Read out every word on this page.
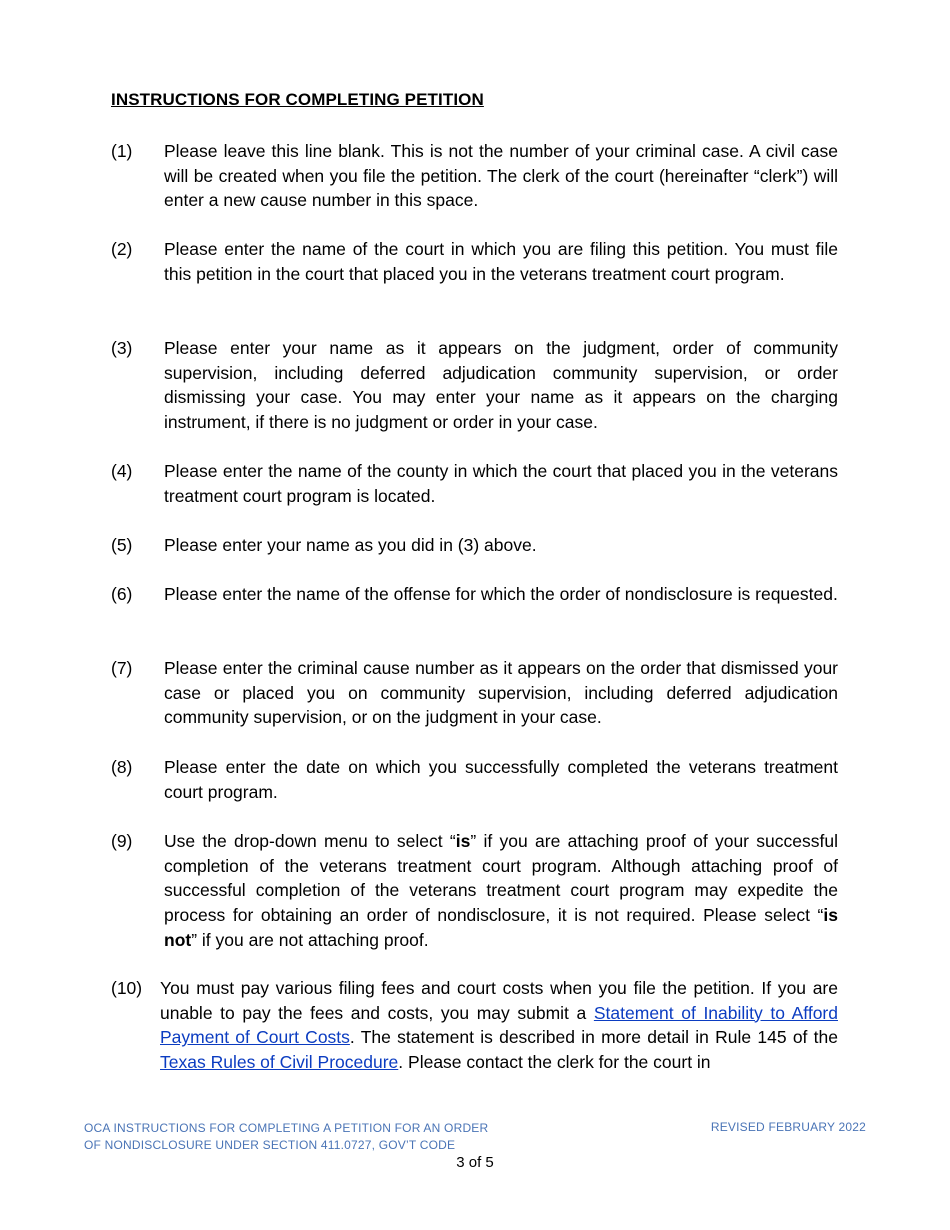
INSTRUCTIONS FOR COMPLETING PETITION
(1) Please leave this line blank. This is not the number of your criminal case. A civil case will be created when you file the petition. The clerk of the court (hereinafter “clerk”) will enter a new cause number in this space.
(2) Please enter the name of the court in which you are filing this petition. You must file this petition in the court that placed you in the veterans treatment court program.
(3) Please enter your name as it appears on the judgment, order of community supervision, including deferred adjudication community supervision, or order dismissing your case. You may enter your name as it appears on the charging instrument, if there is no judgment or order in your case.
(4) Please enter the name of the county in which the court that placed you in the veterans treatment court program is located.
(5) Please enter your name as you did in (3) above.
(6) Please enter the name of the offense for which the order of nondisclosure is requested.
(7) Please enter the criminal cause number as it appears on the order that dismissed your case or placed you on community supervision, including deferred adjudication community supervision, or on the judgment in your case.
(8) Please enter the date on which you successfully completed the veterans treatment court program.
(9) Use the drop-down menu to select “is” if you are attaching proof of your successful completion of the veterans treatment court program. Although attaching proof of successful completion of the veterans treatment court program may expedite the process for obtaining an order of nondisclosure, it is not required. Please select “is not” if you are not attaching proof.
(10) You must pay various filing fees and court costs when you file the petition. If you are unable to pay the fees and costs, you may submit a Statement of Inability to Afford Payment of Court Costs. The statement is described in more detail in Rule 145 of the Texas Rules of Civil Procedure. Please contact the clerk for the court in
OCA INSTRUCTIONS FOR COMPLETING A PETITION FOR AN ORDER
OF NONDISCLOSURE UNDER SECTION 411.0727, GOV’T CODE
REVISED FEBRUARY 2022
3 of 5
